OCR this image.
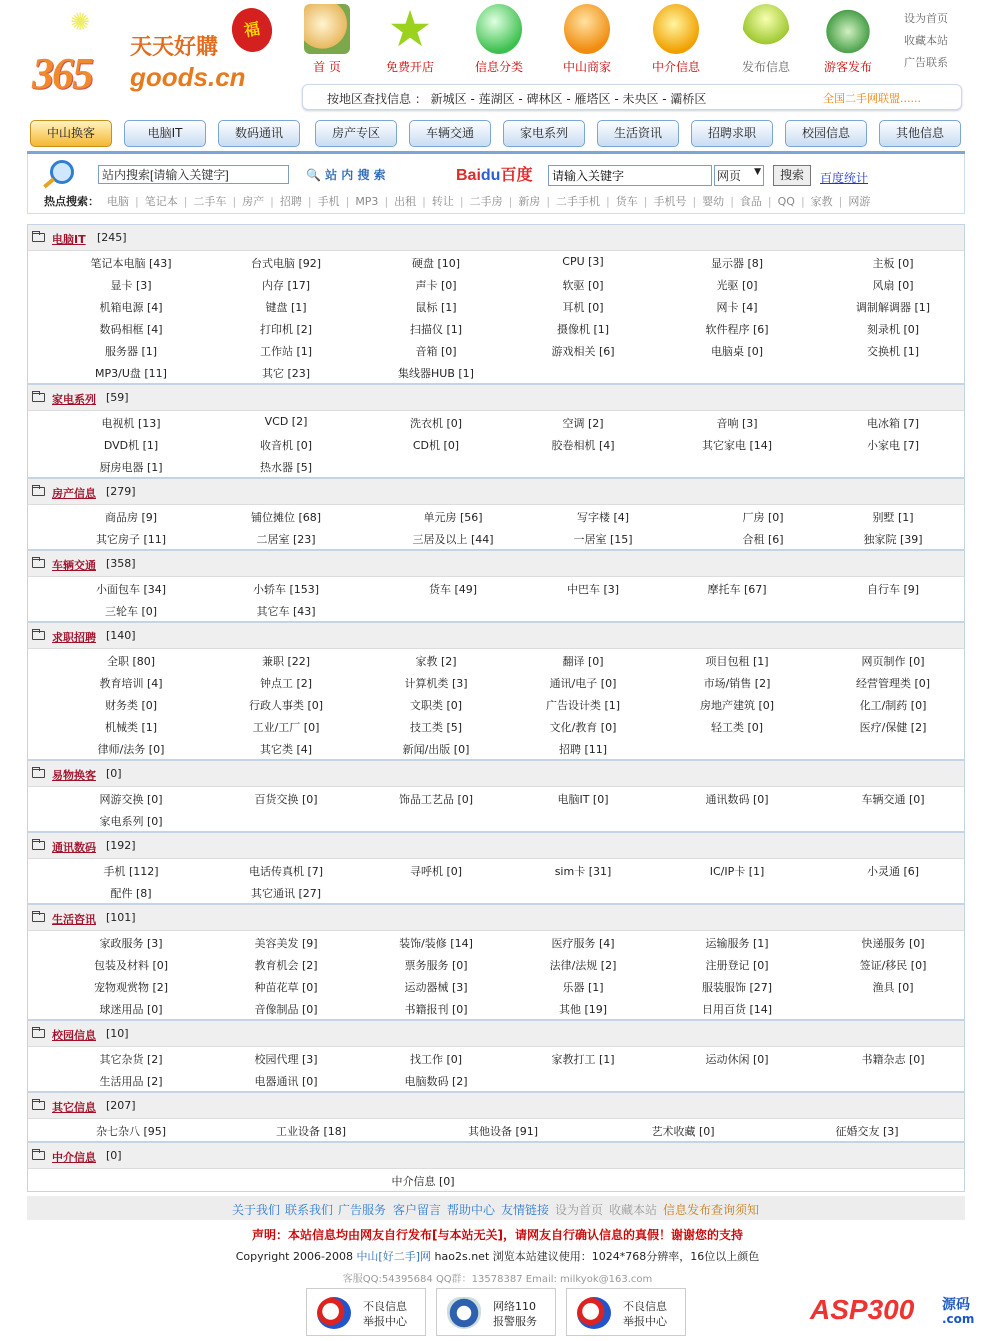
✺
365
天天好購
goods.cn
福
首 页
★
免费开店	信息分类	中山商家	中介信息	发布信息	游客发布
设为首页
收藏本站
广告联系
按地区查找信息 ： 新城区 - 莲湖区 - 碑林区 - 雁塔区 - 未央区 - 灞桥区	全国二手网联盟......
中山换客	电脑IT	数码通讯	房产专区	车辆交通	家电系列	生活资讯	招聘求职	校园信息	其他信息
站内搜索[请输入关键字]
🔍 站 内 搜 索	Baidu百度
请输入关键字	网页 ▼	搜索	百度统计
热点搜索： 电脑 | 笔记本 | 二手车 | 房产 | 招聘 | 手机 | MP3 | 出租 | 转让 | 二手房 | 新房 | 二手手机 | 货车 | 手机号 | 婴幼 | 食品 | QQ | 家教 | 网游
电脑IT [245]
笔记本电脑 [43]	台式电脑 [92]	硬盘 [10]	CPU [3]	显示器 [8]	主板 [0]
显卡 [3]	内存 [17]	声卡 [0]	软驱 [0]	光驱 [0]	风扇 [0]
机箱电源 [4]	键盘 [1]	鼠标 [1]	耳机 [0]	网卡 [4]	调制解调器 [1]
数码相框 [4]	打印机 [2]	扫描仪 [1]	摄像机 [1]	软件程序 [6]	刻录机 [0]
服务器 [1]	工作站 [1]	音箱 [0]	游戏相关 [6]	电脑桌 [0]	交换机 [1]
MP3/U盘 [11]	其它 [23]	集线器HUB [1]
家电系列 [59]
电视机 [13]	VCD [2]	洗衣机 [0]	空调 [2]	音响 [3]	电冰箱 [7]
DVD机 [1]	收音机 [0]	CD机 [0]	胶卷相机 [4]	其它家电 [14]	小家电 [7]
厨房电器 [1]	热水器 [5]
房产信息 [279]
商品房 [9]	铺位摊位 [68]	单元房 [56]	写字楼 [4]	厂房 [0]	别墅 [1]
其它房子 [11]	二居室 [23]	三居及以上 [44]	一居室 [15]	合租 [6]	独家院 [39]
车辆交通 [358]
小面包车 [34]	小轿车 [153]	货车 [49]	中巴车 [3]	摩托车 [67]	自行车 [9]
三轮车 [0]	其它车 [43]
求职招聘 [140]
全职 [80]	兼职 [22]	家教 [2]	翻译 [0]	项目包租 [1]	网页制作 [0]
教育培训 [4]	钟点工 [2]	计算机类 [3]	通讯/电子 [0]	市场/销售 [2]	经营管理类 [0]
财务类 [0]	行政人事类 [0]	文职类 [0]	广告设计类 [1]	房地产建筑 [0]	化工/制药 [0]
机械类 [1]	工业/工厂 [0]	技工类 [5]	文化/教育 [0]	轻工类 [0]	医疗/保健 [2]
律师/法务 [0]	其它类 [4]	新闻/出版 [0]	招聘 [11]
易物换客 [0]
网游交换 [0]	百货交换 [0]	饰品工艺品 [0]	电脑IT [0]	通讯数码 [0]	车辆交通 [0]
家电系列 [0]
通讯数码 [192]
手机 [112]	电话传真机 [7]	寻呼机 [0]	sim卡 [31]	IC/IP卡 [1]	小灵通 [6]
配件 [8]	其它通讯 [27]
生活咨讯 [101]
家政服务 [3]	美容美发 [9]	装饰/装修 [14]	医疗服务 [4]	运输服务 [1]	快递服务 [0]
包装及材料 [0]	教育机会 [2]	票务服务 [0]	法律/法规 [2]	注册登记 [0]	签证/移民 [0]
宠物观赏物 [2]	种苗花草 [0]	运动器械 [3]	乐器 [1]	服装服饰 [27]	渔具 [0]
球迷用品 [0]	音像制品 [0]	书籍报刊 [0]	其他 [19]	日用百货 [14]
校园信息 [10]
其它杂货 [2]	校园代理 [3]	找工作 [0]	家教打工 [1]	运动休闲 [0]	书籍杂志 [0]
生活用品 [2]	电器通讯 [0]	电脑数码 [2]
其它信息 [207]
杂七杂八 [95]	工业设备 [18]	其他设备 [91]	艺术收藏 [0]	征婚交友 [3]
中介信息 [0]
中介信息 [0]
关于我们 联系我们 广告服务 客户留言 帮助中心 友情链接 设为首页 收藏本站 信息发布查询须知
声明：本站信息均由网友自行发布[与本站无关]，请网友自行确认信息的真假！谢谢您的支持
Copyright 2006-2008 中山[好二手]网 hao2s.net 浏览本站建议使用：1024*768分辨率，16位以上颜色
客服QQ:54395684 QQ群：13578387 Email: milkyok@163.com
不良信息
举报中心
网络110
报警服务
不良信息
举报中心	ASP300 源码
.com
